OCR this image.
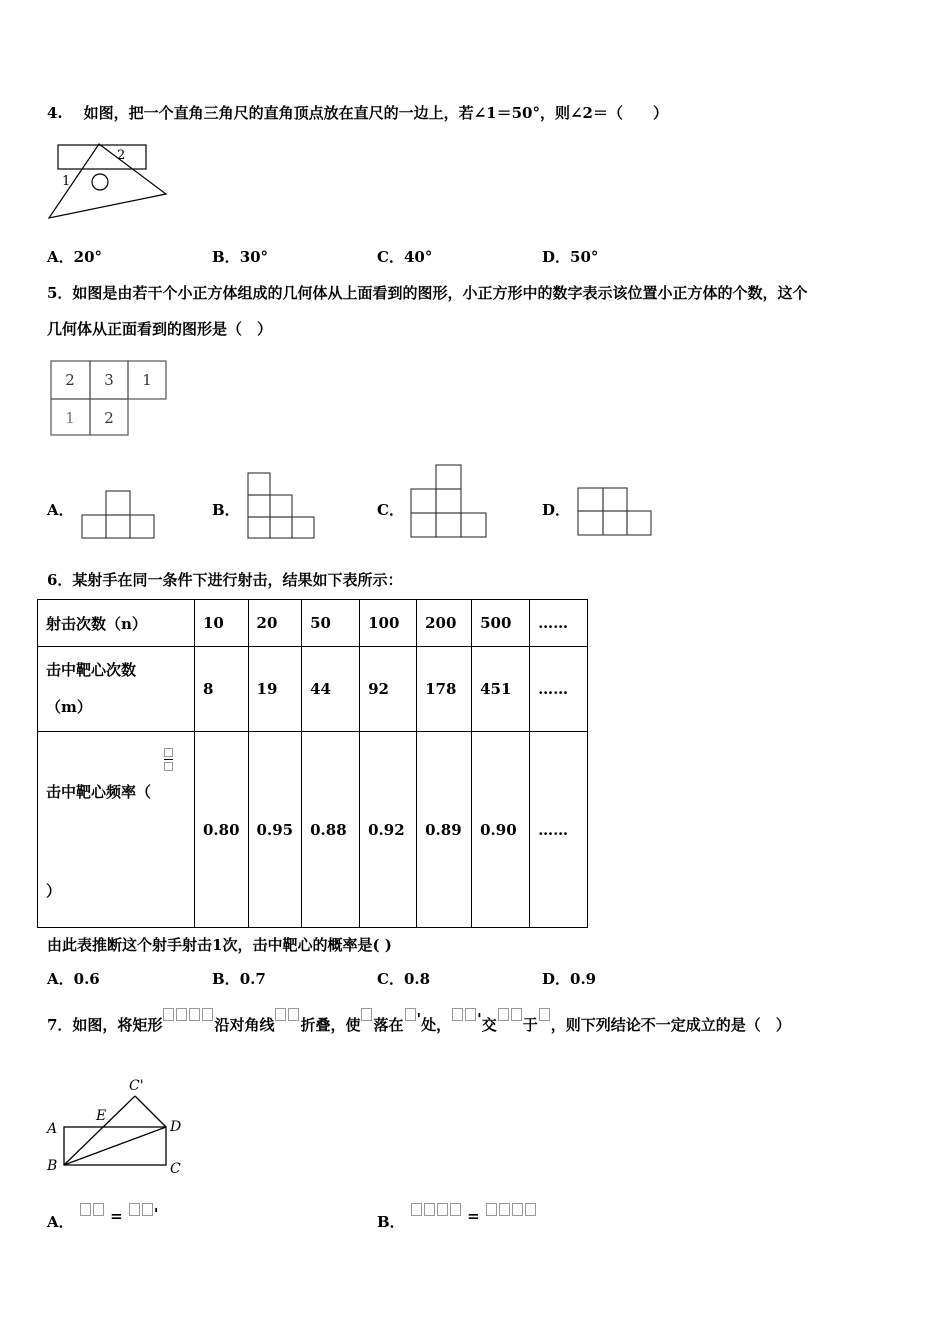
4. 如图，把一个直角三角尺的直角顶点放在直尺的一边上，若∠1＝50°，则∠2＝（　　）
1
2
A．20°	B．30°	C．40°	D．50°
5．如图是由若干个小正方体组成的几何体从上面看到的图形，小正方形中的数字表示该位置小正方体的个数，这个
几何体从正面看到的图形是（　）
2 3 1
1 2
A．	B．	C．	D．
6．某射手在同一条件下进行射击，结果如下表所示：
射击次数（n）	10	20	50	100	200	500	……

击中靶心次数
（m）	8	19	44	92	178	451	……

击中靶心频率（
）	0.80	0.95	0.88	0.92	0.89	0.90	……
由此表推断这个射手射击1次，击中靶心的概率是( )
A．0.6	B．0.7	C．0.8	D．0.9
7．如图，将矩形	沿对角线 折叠，使 落在 '处， '交 于 ，则下列结论不一定成立的是（　）
A
B	C
D
E
C'
A． = '	B．	=
